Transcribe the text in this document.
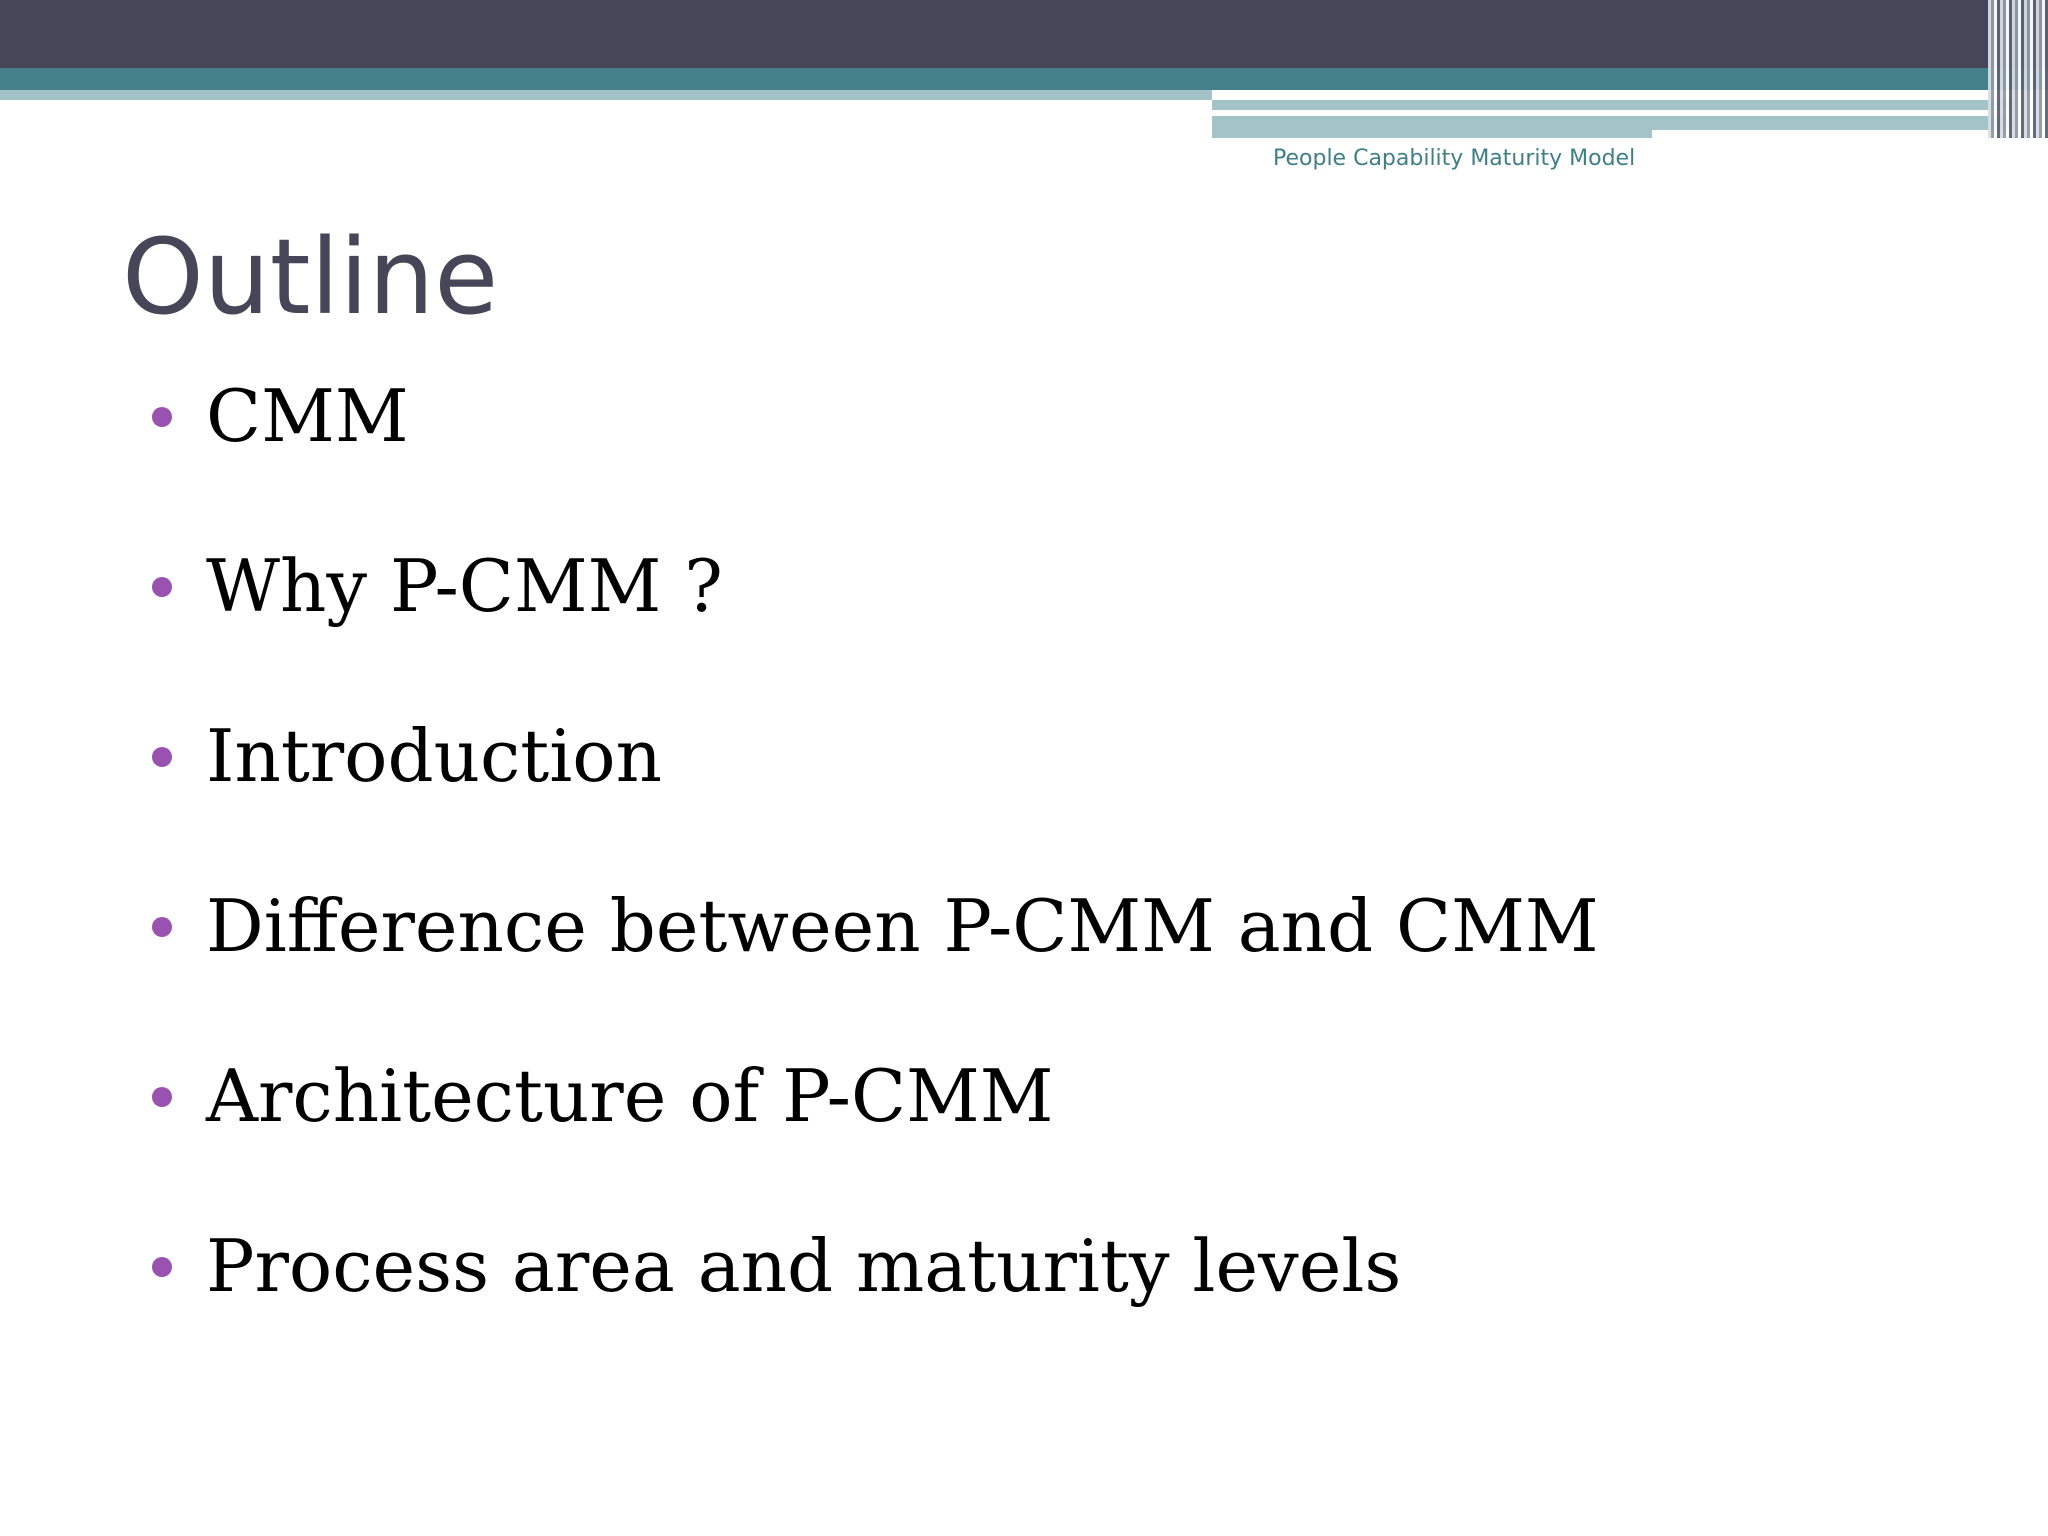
People Capability Maturity Model
Outline
CMM
Why P-CMM ?
Introduction
Difference between P-CMM and CMM
Architecture of P-CMM
Process area and maturity levels
